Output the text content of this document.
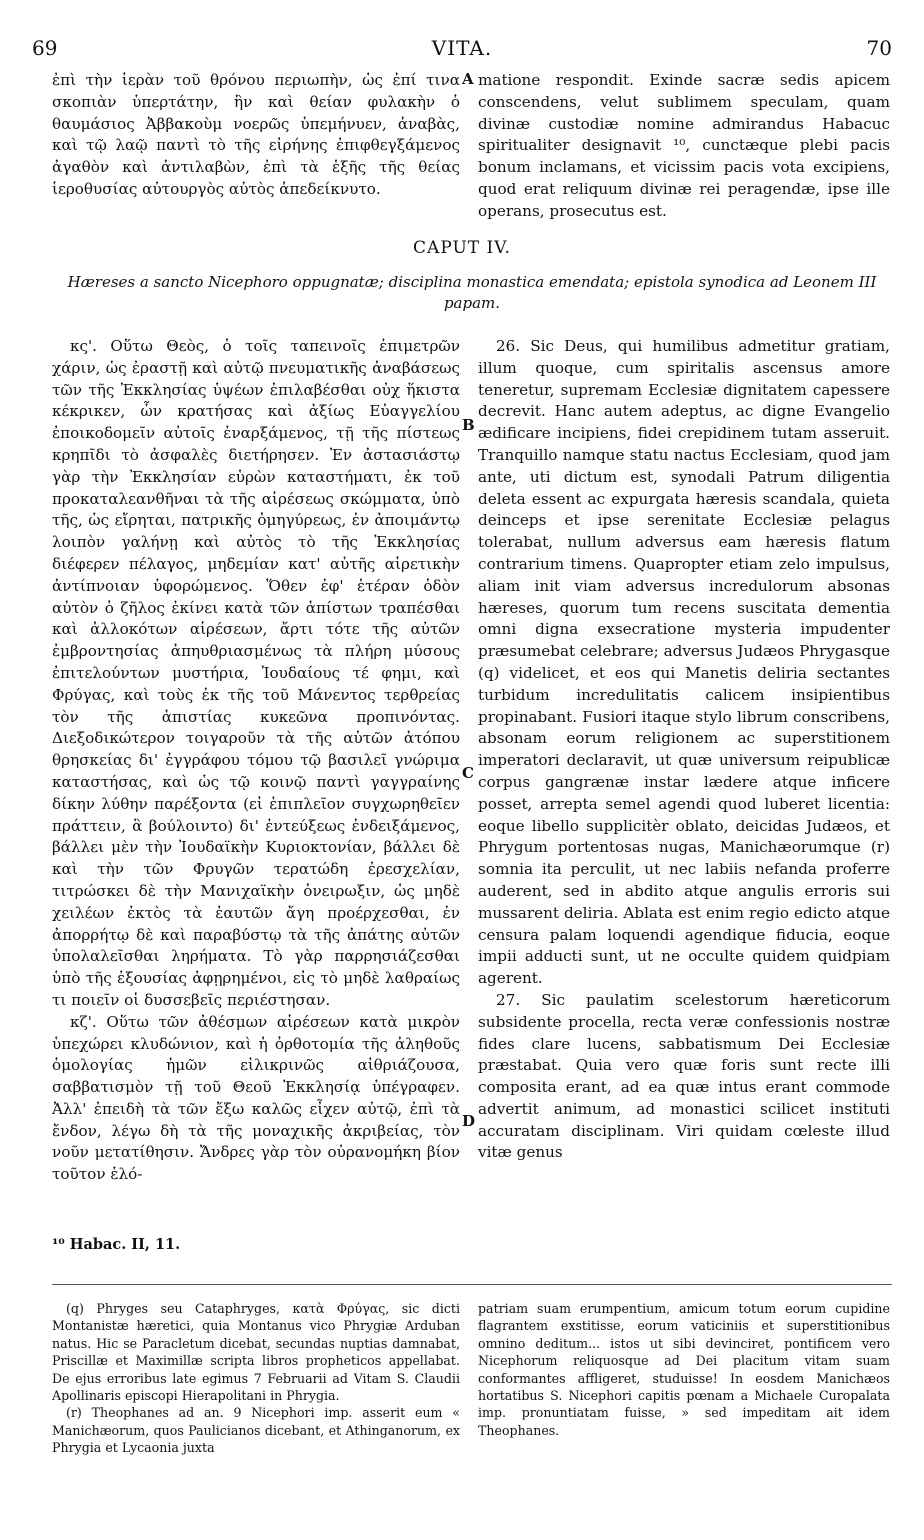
69	VITA.	70

ἐπὶ τὴν ἱερὰν τοῦ θρόνου περιωπὴν, ὡς ἐπί τινα σκοπιὰν ὑπερτάτην, ἣν καὶ θείαν φυλακὴν ὁ θαυμάσιος Ἀββακοὺμ νοερῶς ὑπεμήνυεν, ἀναβὰς, καὶ τῷ λαῷ παντὶ τὸ τῆς εἰρήνης ἐπιφθεγξάμενος ἀγαθὸν καὶ ἀντιλαβὼν, ἐπὶ τὰ ἑξῆς τῆς θείας ἱεροθυσίας αὐτουργὸς αὐτὸς ἀπεδείκνυτο.

A matione respondit. Exinde sacræ sedis apicem conscendens, velut sublimem speculam, quam divinæ custodiæ nomine admirandus Habacuc spiritualiter designavit ¹⁰, cunctæque plebi pacis bonum inclamans, et vicissim pacis vota excipiens, quod erat reliquum divinæ rei peragendæ, ipse ille operans, prosecutus est.

CAPUT IV.
Hæreses a sancto Nicephoro oppugnatæ; disciplina monastica emendata; epistola synodica ad Leonem III papam.

κς'. Οὕτω Θεὸς, ὁ τοῖς ταπεινοῖς ἐπιμετρῶν χάριν, ὡς ἐραστῇ καὶ αὐτῷ πνευματικῆς ἀναβάσεως τῶν τῆς Ἐκκλησίας ὑψέων ἐπιλαβέσθαι οὐχ ἥκιστα κέκρικεν, ὧν κρατήσας καὶ ἀξίως Εὐαγγελίου ἐποικοδομεῖν αὐτοῖς ἐναρξάμενος, τῇ τῆς πίστεως κρηπῖδι τὸ ἀσφαλὲς διετήρησεν. Ἐν ἀστασιάστῳ γὰρ τὴν Ἐκκλησίαν εὑρὼν καταστήματι, ἐκ τοῦ προκαταλεανθῆναι τὰ τῆς αἱρέσεως σκώμματα, ὑπὸ τῆς, ὡς εἴρηται, πατρικῆς ὁμηγύρεως, ἐν ἀποιμάντῳ λοιπὸν γαλήνῃ καὶ αὐτὸς τὸ τῆς Ἐκκλησίας διέφερεν πέλαγος, μηδεμίαν κατ' αὐτῆς αἱρετικὴν ἀντίπνοιαν ὑφορώμενος. Ὅθεν ἐφ' ἑτέραν ὁδὸν αὐτὸν ὁ ζῆλος ἐκίνει κατὰ τῶν ἀπίστων τραπέσθαι καὶ ἀλλοκότων αἱρέσεων, ἄρτι τότε τῆς αὐτῶν ἐμβροντησίας ἀπηυθριασμένως τὰ πλήρη μύσους ἐπιτελούντων μυστήρια, Ἰουδαίους τέ φημι, καὶ Φρύγας, καὶ τοὺς ἐκ τῆς τοῦ Μάνεντος τερθρείας τὸν τῆς ἀπιστίας κυκεῶνα προπινόντας. Διεξοδικώτερον τοιγαροῦν τὰ τῆς αὐτῶν ἀτόπου θρησκείας δι' ἐγγράφου τόμου τῷ βασιλεῖ γνώριμα καταστήσας, καὶ ὡς τῷ κοινῷ παντὶ γαγγραίνης δίκην λύθην παρέξοντα (εἰ ἐπιπλεῖον συγχωρηθεῖεν πράττειν, ἃ βούλοιντο) δι' ἐντεύξεως ἐνδειξάμενος, βάλλει μὲν τὴν Ἰουδαϊκὴν Κυριοκτονίαν, βάλλει δὲ καὶ τὴν τῶν Φρυγῶν τερατώδη ἐρεσχελίαν, τιτρώσκει δὲ τὴν Μανιχαϊκὴν ὀνειρωξιν, ὡς μηδὲ χειλέων ἐκτὸς τὰ ἑαυτῶν ἄγη προέρχεσθαι, ἐν ἀπορρήτῳ δὲ καὶ παραβύστῳ τὰ τῆς ἀπάτης αὐτῶν ὑπολαλεῖσθαι ληρήματα. Τὸ γὰρ παρρησιάζεσθαι ὑπὸ τῆς ἐξουσίας ἀφῃρημένοι, εἰς τὸ μηδὲ λαθραίως τι ποιεῖν οἱ δυσσεβεῖς περιέστησαν.

κζ'. Οὕτω τῶν ἀθέσμων αἱρέσεων κατὰ μικρὸν ὑπεχώρει κλυδώνιον, καὶ ἡ ὀρθοτομία τῆς ἀληθοῦς ὁμολογίας ἡμῶν εἰλικρινῶς αἰθριάζουσα, σαββατισμὸν τῇ τοῦ Θεοῦ Ἐκκλησίᾳ ὑπέγραφεν. Ἀλλ' ἐπειδὴ τὰ τῶν ἔξω καλῶς εἶχεν αὐτῷ, ἐπὶ τὰ ἔνδον, λέγω δὴ τὰ τῆς μοναχικῆς ἀκριβείας, τὸν νοῦν μετατίθησιν. Ἄνδρες γὰρ τὸν οὐρανομήκη βίον τοῦτον ἑλό-

B
C
D

26. Sic Deus, qui humilibus admetitur gratiam, illum quoque, cum spiritalis ascensus amore teneretur, supremam Ecclesiæ dignitatem capessere decrevit. Hanc autem adeptus, ac digne Evangelio ædificare incipiens, fidei crepidinem tutam asseruit. Tranquillo namque statu nactus Ecclesiam, quod jam ante, uti dictum est, synodali Patrum diligentia deleta essent ac expurgata hæresis scandala, quieta deinceps et ipse serenitate Ecclesiæ pelagus tolerabat, nullum adversus eam hæresis flatum contrarium timens. Quapropter etiam zelo impulsus, aliam init viam adversus incredulorum absonas hæreses, quorum tum recens suscitata dementia omni digna exsecratione mysteria impudenter præsumebat celebrare; adversus Judæos Phrygasque (q) videlicet, et eos qui Manetis deliria sectantes turbidum incredulitatis calicem insipientibus propinabant. Fusiori itaque stylo librum conscribens, absonam eorum religionem ac superstitionem imperatori declaravit, ut quæ universum reipublicæ corpus gangrænæ instar lædere atque inficere posset, arrepta semel agendi quod luberet licentia: eoque libello supplicitèr oblato, deicidas Judæos, et Phrygum portentosas nugas, Manichæorumque (r) somnia ita perculit, ut nec labiis nefanda proferre auderent, sed in abdito atque angulis erroris sui mussarent deliria. Ablata est enim regio edicto atque censura palam loquendi agendique fiducia, eoque impii adducti sunt, ut ne occulte quidem quidpiam agerent.

27. Sic paulatim scelestorum hæreticorum subsidente procella, recta veræ confessionis nostræ fides clare lucens, sabbatismum Dei Ecclesiæ præstabat. Quia vero quæ foris sunt recte illi composita erant, ad ea quæ intus erant commode advertit animum, ad monastici scilicet instituti accuratam disciplinam. Viri quidam cœleste illud vitæ genus

¹⁰ Habac. II, 11.

(q) Phryges seu Cataphryges, κατὰ Φρύγας, sic dicti Montanistæ hæretici, quia Montanus vico Phrygiæ Arduban natus. Hic se Paracletum dicebat, secundas nuptias damnabat, Priscillæ et Maximillæ scripta libros propheticos appellabat. De ejus erroribus late egimus 7 Februarii ad Vitam S. Claudii Apollinaris episcopi Hierapolitani in Phrygia.

(r) Theophanes ad an. 9 Nicephori imp. asserit eum « Manichæorum, quos Paulicianos dicebant, et Athinganorum, ex Phrygia et Lycaonia juxta

patriam suam erumpentium, amicum totum eorum cupidine flagrantem exstitisse, eorum vaticiniis et superstitionibus omnino deditum... istos ut sibi devinciret, pontificem vero Nicephorum reliquosque ad Dei placitum vitam suam conformantes affligeret, studuisse! In eosdem Manichæos hortatibus S. Nicephori capitis pœnam a Michaele Curopalata imp. pronuntiatam fuisse, » sed impeditam ait idem Theophanes.
